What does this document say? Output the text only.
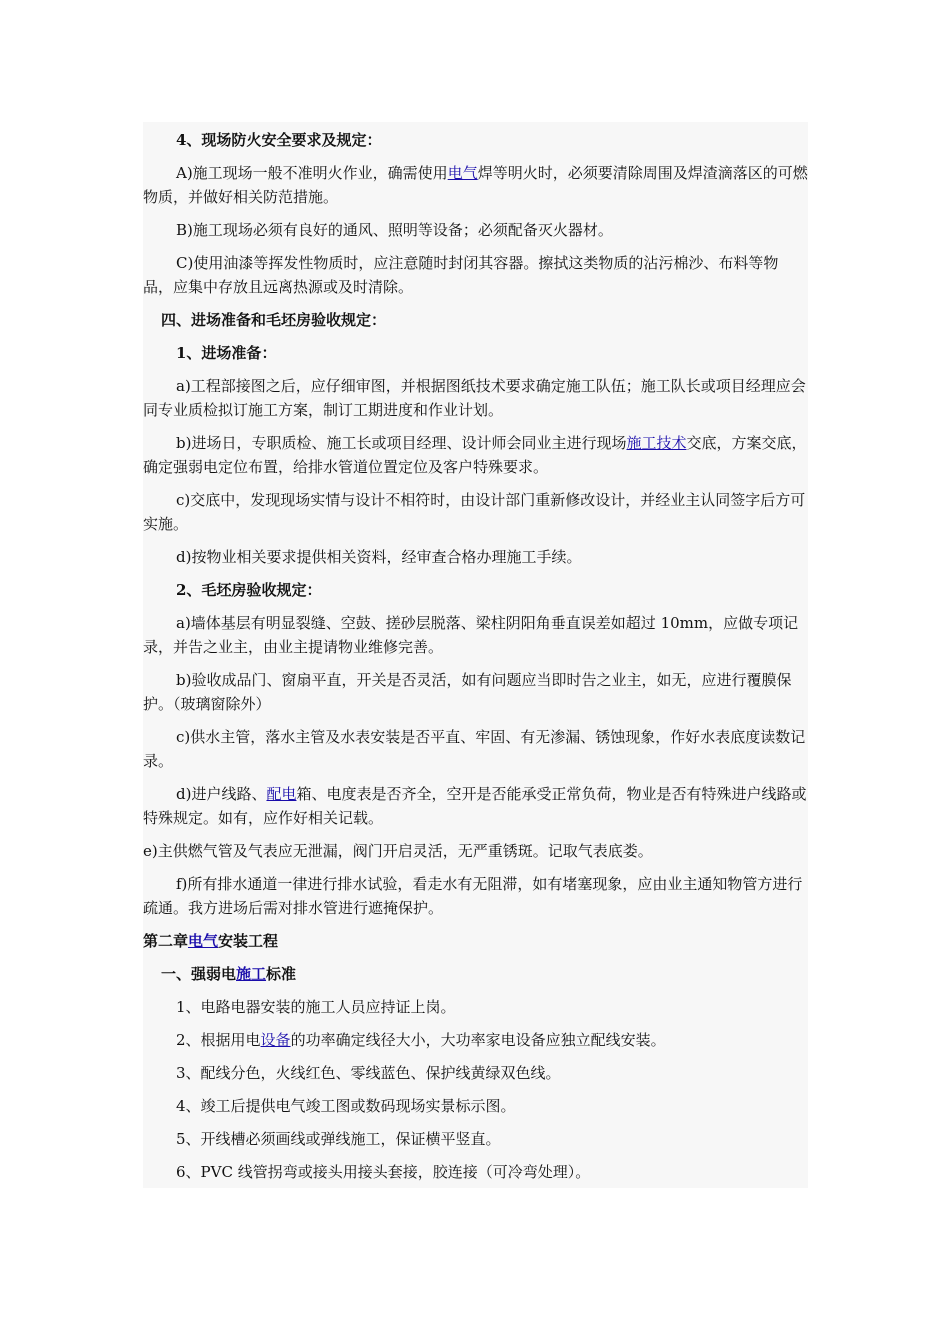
4、现场防火安全要求及规定：

A)施工现场一般不准明火作业，确需使用电气焊等明火时，必须要清除周围及焊渣滴落区的可燃物质，并做好相关防范措施。

B)施工现场必须有良好的通风、照明等设备；必须配备灭火器材。

C)使用油漆等挥发性物质时，应注意随时封闭其容器。擦拭这类物质的沾污棉沙、布料等物品，应集中存放且远离热源或及时清除。

四、进场准备和毛坯房验收规定：

1、进场准备：

a)工程部接图之后，应仔细审图，并根据图纸技术要求确定施工队伍；施工队长或项目经理应会同专业质检拟订施工方案，制订工期进度和作业计划。

b)进场日，专职质检、施工长或项目经理、设计师会同业主进行现场施工技术交底，方案交底，确定强弱电定位布置，给排水管道位置定位及客户特殊要求。

c)交底中，发现现场实情与设计不相符时，由设计部门重新修改设计，并经业主认同签字后方可实施。

d)按物业相关要求提供相关资料，经审查合格办理施工手续。

2、毛坯房验收规定：

a)墙体基层有明显裂缝、空鼓、搓砂层脱落、梁柱阴阳角垂直误差如超过 10mm，应做专项记录，并告之业主，由业主提请物业维修完善。

b)验收成品门、窗扇平直，开关是否灵活，如有问题应当即时告之业主，如无，应进行覆膜保护。（玻璃窗除外）

c)供水主管，落水主管及水表安装是否平直、牢固、有无渗漏、锈蚀现象，作好水表底度读数记录。

d)进户线路、配电箱、电度表是否齐全，空开是否能承受正常负荷，物业是否有特殊进户线路或特殊规定。如有，应作好相关记载。

e)主供燃气管及气表应无泄漏，阀门开启灵活，无严重锈斑。记取气表底娄。

f)所有排水通道一律进行排水试验，看走水有无阻滞，如有堵塞现象，应由业主通知物管方进行疏通。我方进场后需对排水管进行遮掩保护。

第二章电气安装工程

一、强弱电施工标准

1、电路电器安装的施工人员应持证上岗。

2、根据用电设备的功率确定线径大小，大功率家电设备应独立配线安装。

3、配线分色，火线红色、零线蓝色、保护线黄绿双色线。

4、竣工后提供电气竣工图或数码现场实景标示图。

5、开线槽必须画线或弹线施工，保证横平竖直。

6、PVC 线管拐弯或接头用接头套接，胶连接（可冷弯处理）。
